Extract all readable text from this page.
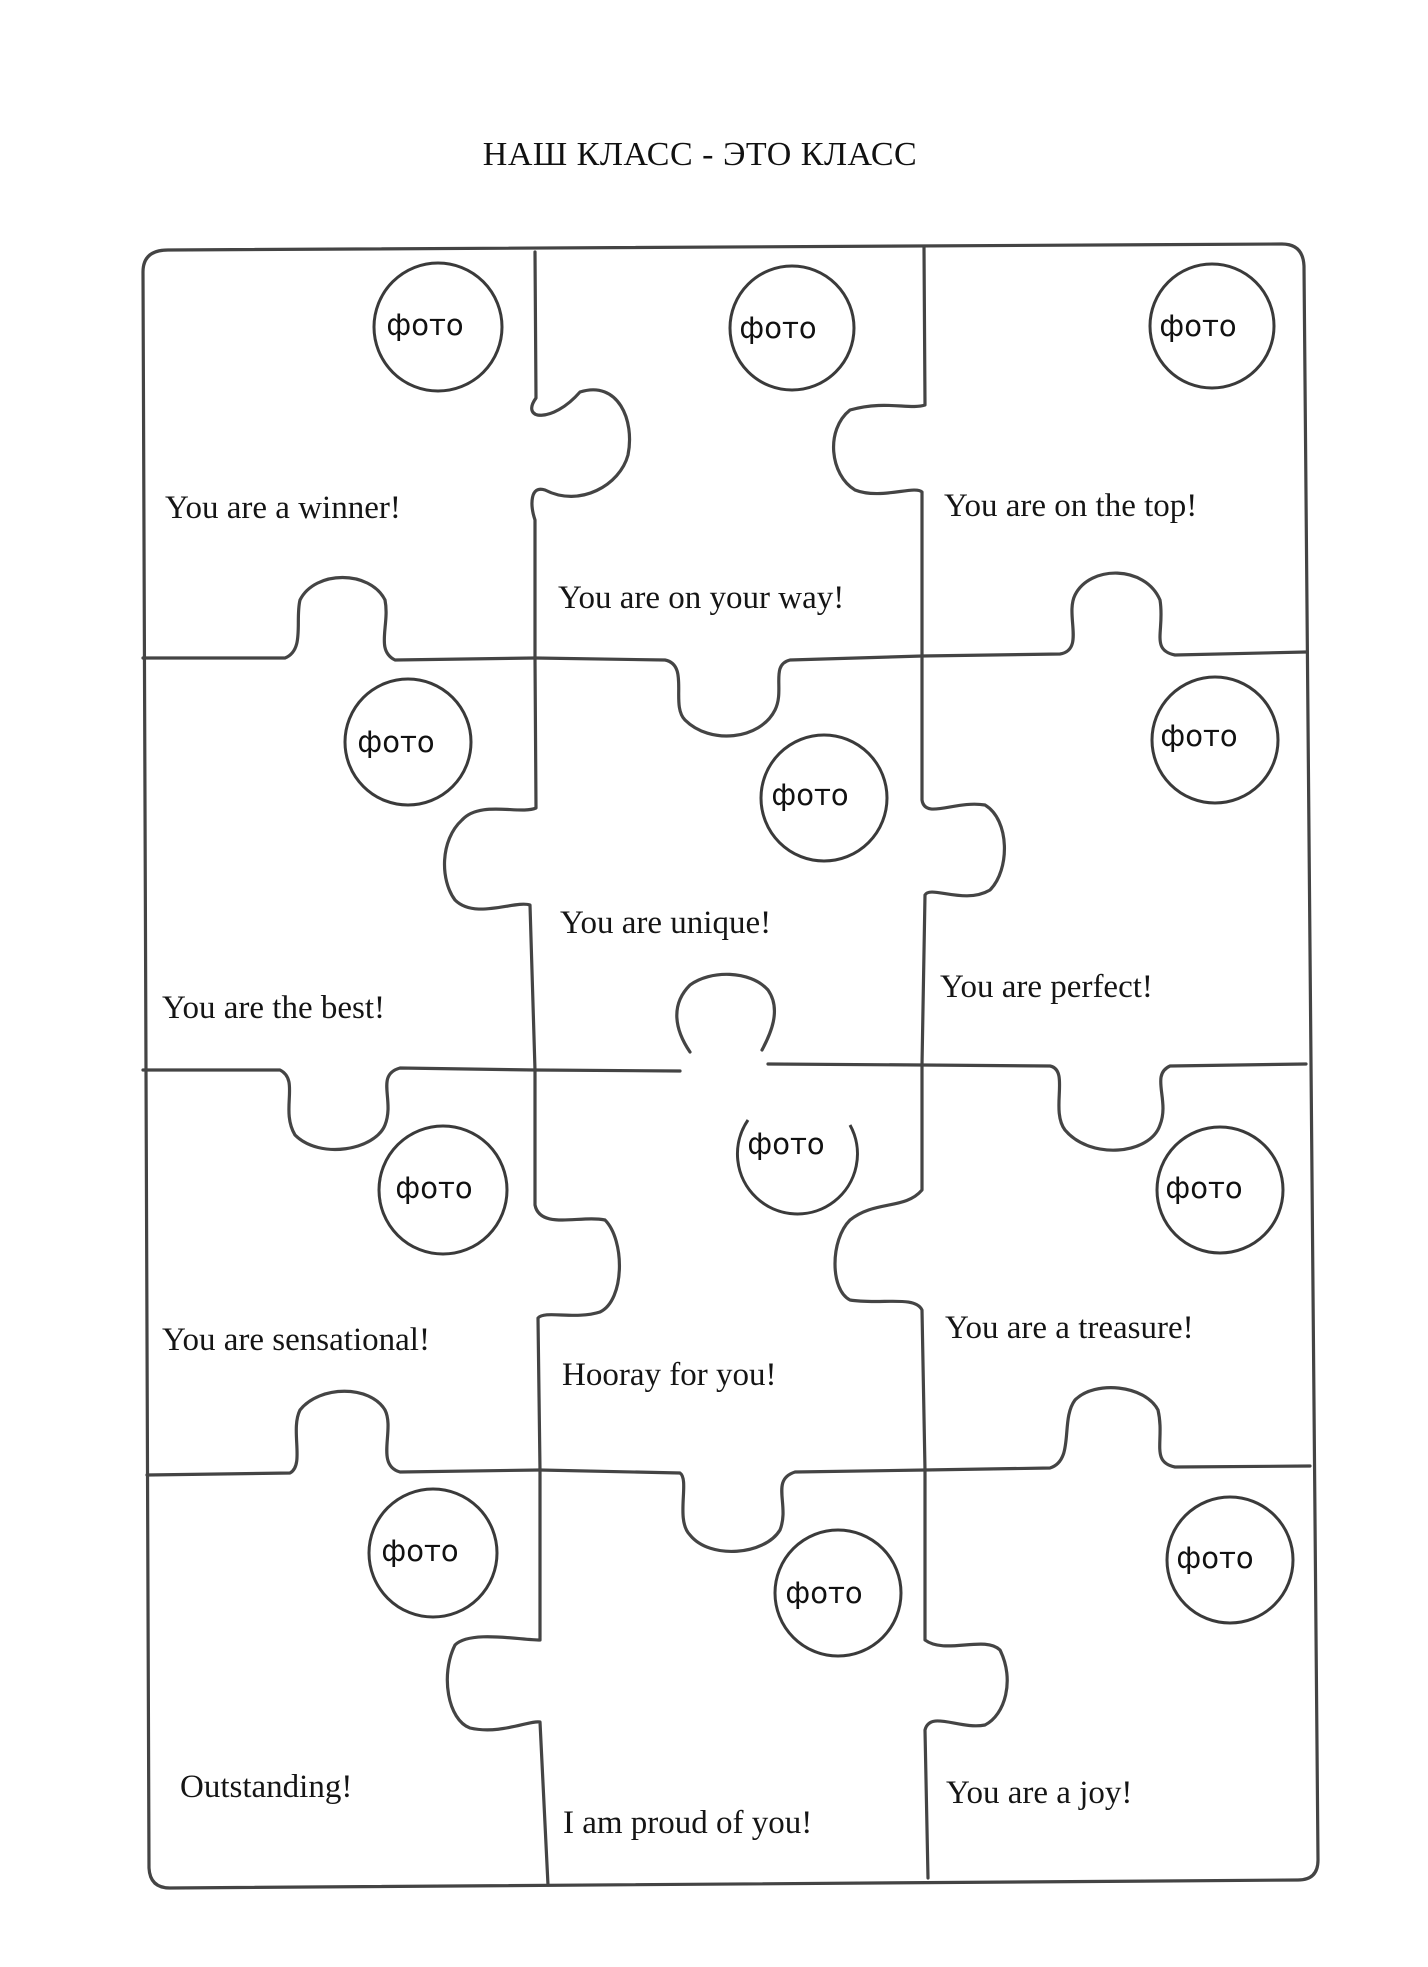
НАШ КЛАСС - ЭТО КЛАСС
фото	фото	фото
фото
фото
фото
фото
фото
фото
фото
фото
фото
You are a winner!
You are on your way!
You are on the top!
You are the best!
You are unique!
You are perfect!
You are sensational!
Hooray for you!
You are a treasure!
Outstanding!
I am proud of you!
You are a joy!
